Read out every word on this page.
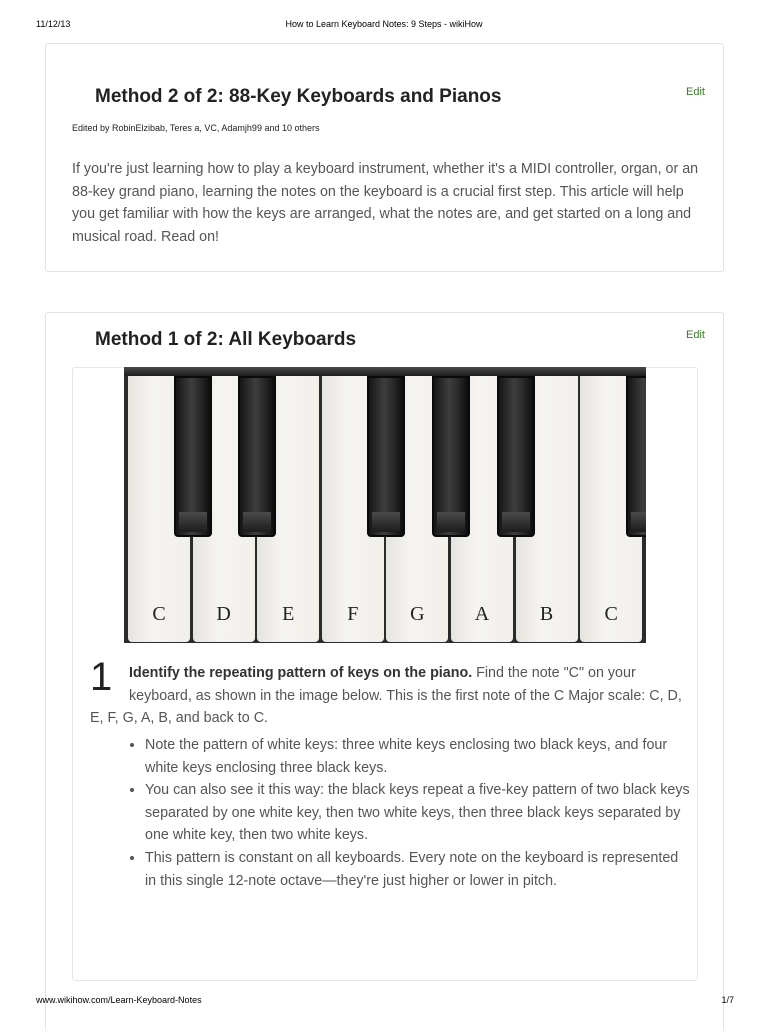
11/12/13	How to Learn Keyboard Notes: 9 Steps - wikiHow
Method 2 of 2: 88-Key Keyboards and Pianos	Edit
Edited by RobinElzibab, Teres a, VC, Adamjh99 and 10 others

If you're just learning how to play a keyboard instrument, whether it's a MIDI controller, organ, or an 88-key grand piano, learning the notes on the keyboard is a crucial first step. This article will help you get familiar with how the keys are arranged, what the notes are, and get started on a long and musical road. Read on!

Method 1 of 2: All Keyboards	Edit
C	D	E	F	G	A	B	C
1	Identify the repeating pattern of keys on the piano. Find the note "C" on your keyboard, as shown in the image below. This is the first note of the C Major scale: C, D, E, F, G, A, B, and back to C.

• Note the pattern of white keys: three white keys enclosing two black keys, and four white keys enclosing three black keys.
• You can also see it this way: the black keys repeat a five-key pattern of two black keys separated by one white key, then two white keys, then three black keys separated by one white key, then two white keys.
• This pattern is constant on all keyboards. Every note on the keyboard is represented in this single 12-note octave—they're just higher or lower in pitch.
www.wikihow.com/Learn-Keyboard-Notes	1/7
